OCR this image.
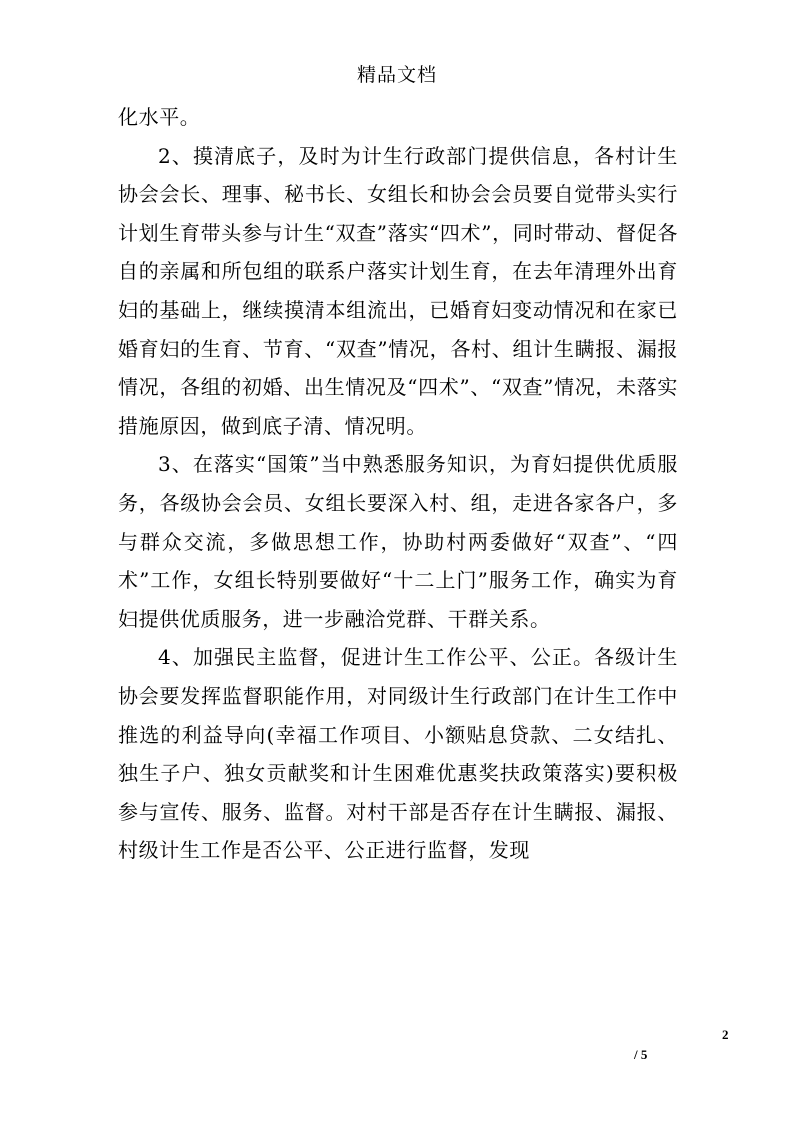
精品文档

化水平。

2、摸清底子，及时为计生行政部门提供信息，各村计生协会会长、理事、秘书长、女组长和协会会员要自觉带头实行计划生育带头参与计生“双查”落实“四术”，同时带动、督促各自的亲属和所包组的联系户落实计划生育，在去年清理外出育妇的基础上，继续摸清本组流出，已婚育妇变动情况和在家已婚育妇的生育、节育、“双查”情况，各村、组计生瞒报、漏报情况，各组的初婚、出生情况及“四术”、“双查”情况，未落实措施原因，做到底子清、情况明。

3、在落实“国策”当中熟悉服务知识，为育妇提供优质服务，各级协会会员、女组长要深入村、组，走进各家各户，多与群众交流，多做思想工作，协助村两委做好“双查”、“四术”工作，女组长特别要做好“十二上门”服务工作，确实为育妇提供优质服务，进一步融洽党群、干群关系。

4、加强民主监督，促进计生工作公平、公正。各级计生协会要发挥监督职能作用，对同级计生行政部门在计生工作中推选的利益导向(幸福工作项目、小额贴息贷款、二女结扎、独生子户、独女贡献奖和计生困难优惠奖扶政策落实)要积极参与宣传、服务、监督。对村干部是否存在计生瞒报、漏报、村级计生工作是否公平、公正进行监督，发现

2
/ 5
